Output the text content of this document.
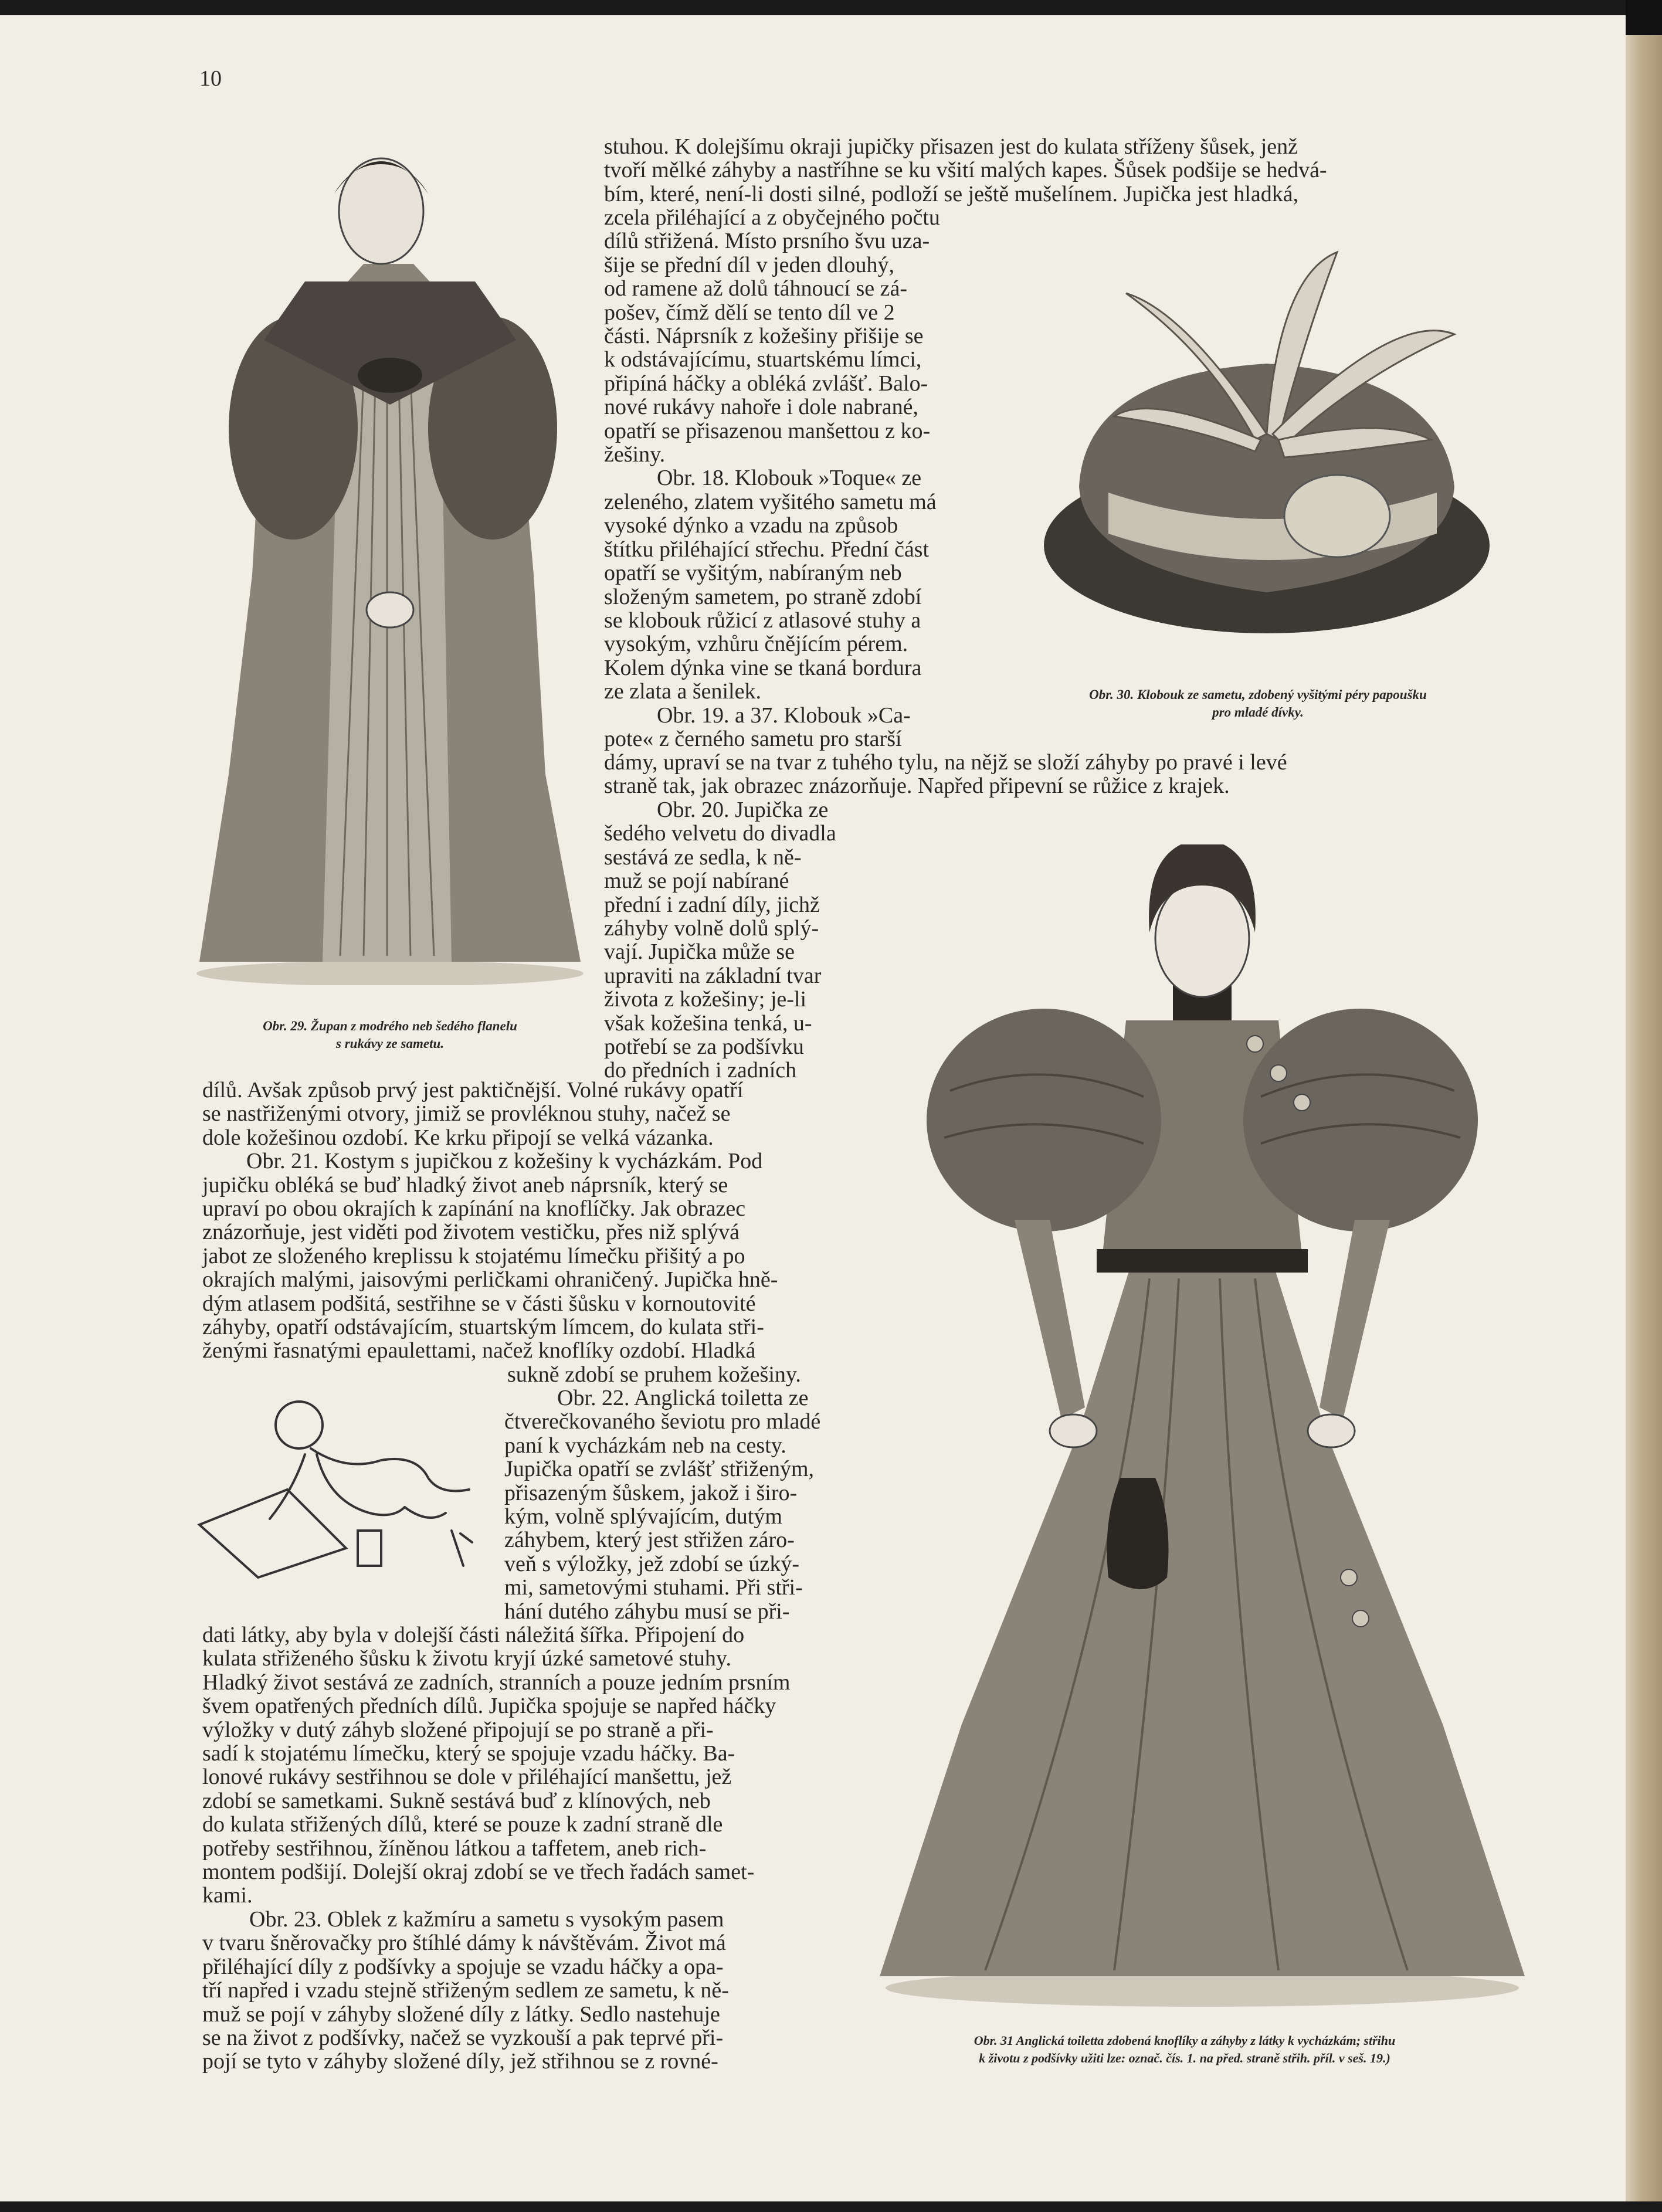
10
Obr. 29. Župan z modrého neb šedého flanelu
s rukávy ze sametu.

stuhou. K dolejšímu okraji jupičky přisazen jest do kulata stříženy šůsek, jenž

tvoří mělké záhyby a nastříhne se ku všití malých kapes. Šůsek podšije se hedvá-

bím, které, není-li dosti silné, podloží se ještě mušelínem. Jupička jest hladká,

zcela přiléhající a z obyčejného počtu

dílů střižená. Místo prsního švu uza-

šije se přední díl v jeden dlouhý,

od ramene až dolů táhnoucí se zá-

pošev, čímž dělí se tento díl ve 2

části. Náprsník z kožešiny přišije se

k odstávajícímu, stuartskému límci,

připíná háčky a obléká zvlášť. Balo-

nové rukávy nahoře i dole nabrané,

opatří se přisazenou manšettou z ko-

žešiny.

Obr. 18. Klobouk »Toque« ze

zeleného, zlatem vyšitého sametu má

vysoké dýnko a vzadu na způsob

štítku přiléhající střechu. Přední část

opatří se vyšitým, nabíraným neb

složeným sametem, po straně zdobí

se klobouk růžicí z atlasové stuhy a

vysokým, vzhůru čnějícím pérem.

Kolem dýnka vine se tkaná bordura

ze zlata a šenilek.

Obr. 19. a 37. Klobouk »Ca-

pote« z černého sametu pro starší

Obr. 30. Klobouk ze sametu, zdobený vyšitými péry papoušku
pro mladé dívky.

dámy, upraví se na tvar z tuhého tylu, na nějž se složí záhyby po pravé i levé

straně tak, jak obrazec znázorňuje. Napřed připevní se růžice z krajek.

Obr. 20. Jupička ze

šedého velvetu do divadla

sestává ze sedla, k ně-

muž se pojí nabírané

přední i zadní díly, jichž

záhyby volně dolů splý-

vají. Jupička může se

upraviti na základní tvar

života z kožešiny; je-li

však kožešina tenká, u-

potřebí se za podšívku

do předních i zadních

Obr. 31 Anglická toiletta zdobená knoflíky a záhyby z látky k vycházkám; střihu
k životu z podšívky užiti lze: označ. čís. 1. na před. straně střih. příl. v seš. 19.)

dílů. Avšak způsob prvý jest paktičnější. Volné rukávy opatří

se nastřiženými otvory, jimiž se provléknou stuhy, načež se

dole kožešinou ozdobí. Ke krku připojí se velká vázanka.

Obr. 21. Kostym s jupičkou z kožešiny k vycházkám. Pod

jupičku obléká se buď hladký život aneb náprsník, který se

upraví po obou okrajích k zapínání na knoflíčky. Jak obrazec

znázorňuje, jest viděti pod životem vestičku, přes niž splývá

jabot ze složeného kreplissu k stojatému límečku přišitý a po

okrajích malými, jaisovými perličkami ohraničený. Jupička hně-

dým atlasem podšitá, sestřihne se v části šůsku v kornoutovité

záhyby, opatří odstávajícím, stuartským límcem, do kulata stři-

ženými řasnatými epaulettami, načež knoflíky ozdobí. Hladká

sukně zdobí se pruhem kožešiny.

Obr. 22. Anglická toiletta ze

čtverečkovaného ševiotu pro mladé

paní k vycházkám neb na cesty.

Jupička opatří se zvlášť střiženým,

přisazeným šůskem, jakož i širo-

kým, volně splývajícím, dutým

záhybem, který jest střižen záro-

veň s výložky, jež zdobí se úzký-

mi, sametovými stuhami. Při stři-

hání dutého záhybu musí se při-

dati látky, aby byla v dolejší části náležitá šířka. Připojení do

kulata střiženého šůsku k životu kryjí úzké sametové stuhy.

Hladký život sestává ze zadních, stranních a pouze jedním prsním

švem opatřených předních dílů. Jupička spojuje se napřed háčky

výložky v dutý záhyb složené připojují se po straně a při-

sadí k stojatému límečku, který se spojuje vzadu háčky. Ba-

lonové rukávy sestřihnou se dole v přiléhající manšettu, jež

zdobí se sametkami. Sukně sestává buď z klínových, neb

do kulata střižených dílů, které se pouze k zadní straně dle

potřeby sestřihnou, žíněnou látkou a taffetem, aneb rich-

montem podšijí. Dolejší okraj zdobí se ve třech řadách samet-

kami.

Obr. 23. Oblek z kažmíru a sametu s vysokým pasem

v tvaru šněrovačky pro štíhlé dámy k návštěvám. Život má

přiléhající díly z podšívky a spojuje se vzadu háčky a opa-

tří napřed i vzadu stejně střiženým sedlem ze sametu, k ně-

muž se pojí v záhyby složené díly z látky. Sedlo nastehuje

se na život z podšívky, načež se vyzkouší a pak teprvé při-

pojí se tyto v záhyby složené díly, jež střihnou se z rovné-
